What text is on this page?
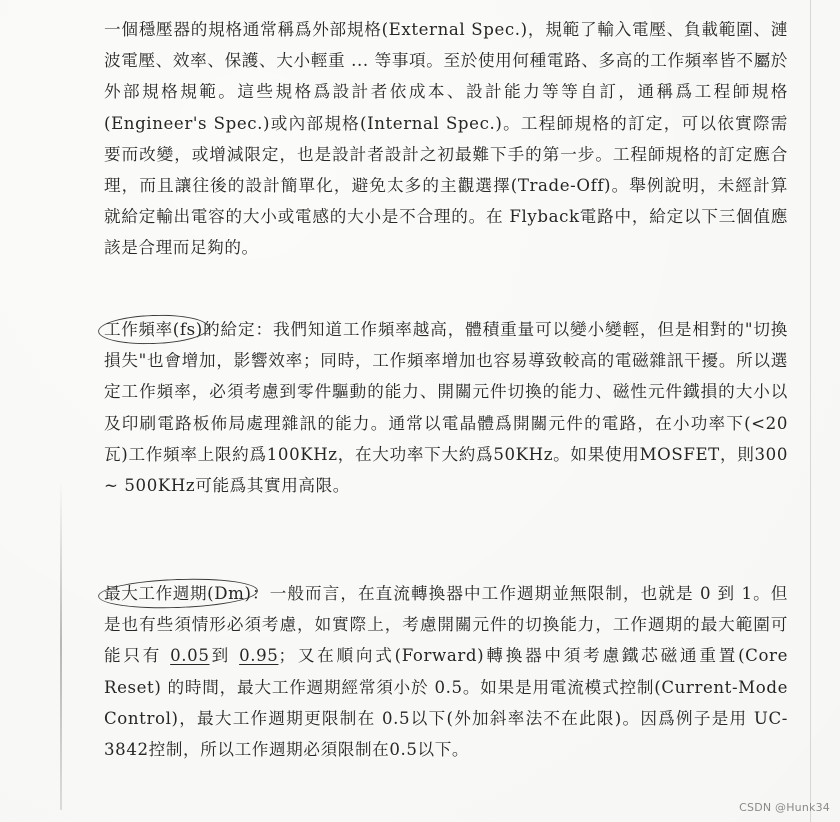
一個穩壓器的規格通常稱爲外部規格(External Spec.)，規範了輸入電壓、負載範圍、漣波電壓、效率、保護、大小輕重 ... 等事項。至於使用何種電路、多高的工作頻率皆不屬於外部規格規範。這些規格爲設計者依成本、設計能力等等自訂，通稱爲工程師規格(Engineer's Spec.)或內部規格(Internal Spec.)。工程師規格的訂定，可以依實際需要而改變，或增減限定，也是設計者設計之初最難下手的第一步。工程師規格的訂定應合理，而且讓往後的設計簡單化，避免太多的主觀選擇(Trade-Off)。舉例說明，未經計算就給定輸出電容的大小或電感的大小是不合理的。在 Flyback電路中，給定以下三個值應該是合理而足夠的。

工作頻率(fs)的給定：我們知道工作頻率越高，體積重量可以變小變輕，但是相對的"切換損失"也會增加，影響效率；同時，工作頻率增加也容易導致較高的電磁雜訊干擾。所以選定工作頻率，必須考慮到零件驅動的能力、開關元件切換的能力、磁性元件鐵損的大小以及印刷電路板佈局處理雜訊的能力。通常以電晶體爲開關元件的電路，在小功率下(<20瓦)工作頻率上限約爲100KHz，在大功率下大約爲50KHz。如果使用MOSFET，則300 ~ 500KHz可能爲其實用高限。

最大工作週期(Dm)：一般而言，在直流轉換器中工作週期並無限制，也就是 0 到 1。但是也有些須情形必須考慮，如實際上，考慮開關元件的切換能力，工作週期的最大範圍可能只有 0.05到 0.95；又在順向式(Forward)轉換器中須考慮鐵芯磁通重置(Core Reset) 的時間，最大工作週期經常須小於 0.5。如果是用電流模式控制(Current-Mode Control)，最大工作週期更限制在 0.5以下(外加斜率法不在此限)。因爲例子是用 UC-3842控制，所以工作週期必須限制在0.5以下。

CSDN @Hunk34
